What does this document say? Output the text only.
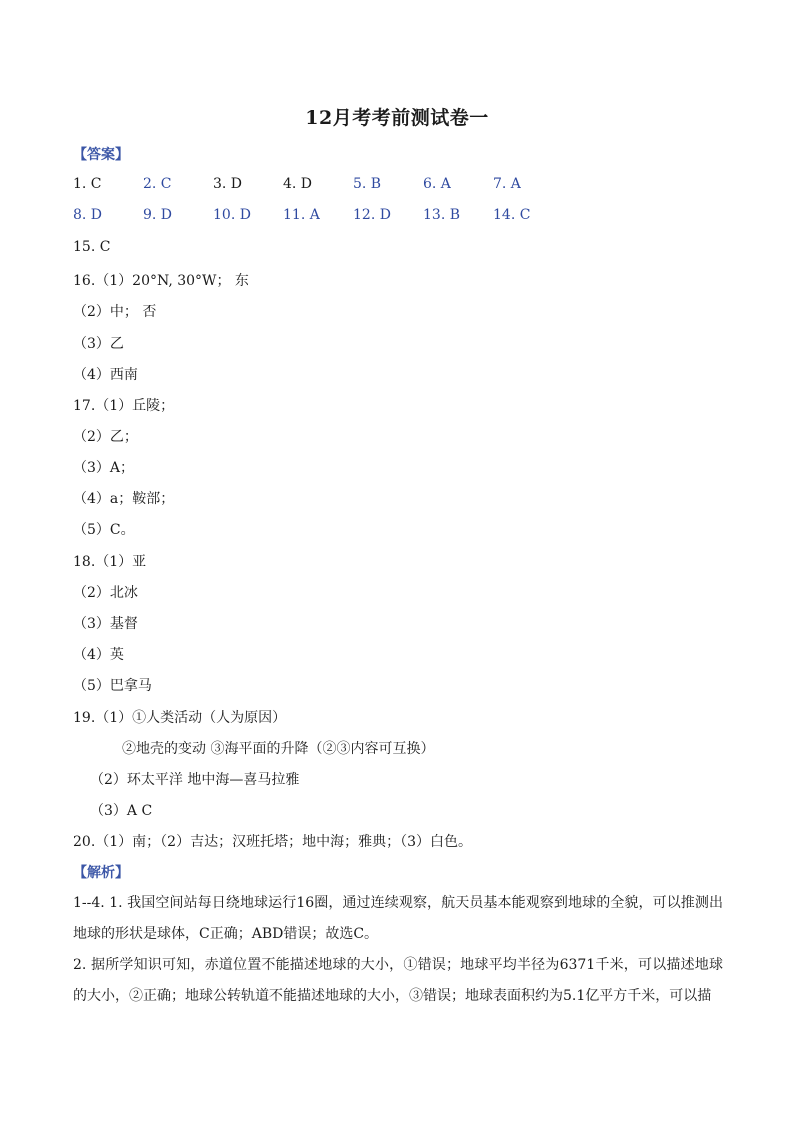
12月考考前测试卷一
【答案】
1. C	2. C	3. D	4. D	5. B	6. A	7. A
8. D	9. D	10. D 11. A 12. D 13. B 14. C
15. C
16.（1）20°N, 30°W； 东
（2）中； 否
（3）乙
（4）西南
17.（1）丘陵；
（2）乙；
（3）A；
（4）a；鞍部；
（5）C。
18.（1）亚
（2）北冰
（3）基督
（4）英
（5）巴拿马
19.（1）①人类活动（人为原因）
②地壳的变动 ③海平面的升降（②③内容可互换）
（2）环太平洋 地中海—喜马拉雅
（3）A C
20.（1）南；（2）吉达；汉班托塔；地中海；雅典；（3）白色。
【解析】
1--4. 1. 我国空间站每日绕地球运行16圈，通过连续观察，航天员基本能观察到地球的全貌，可以推测出地球的形状是球体，C正确；ABD错误；故选C。
2. 据所学知识可知，赤道位置不能描述地球的大小，①错误；地球平均半径为6371千米，可以描述地球的大小，②正确；地球公转轨道不能描述地球的大小，③错误；地球表面积约为5.1亿平方千米，可以描
